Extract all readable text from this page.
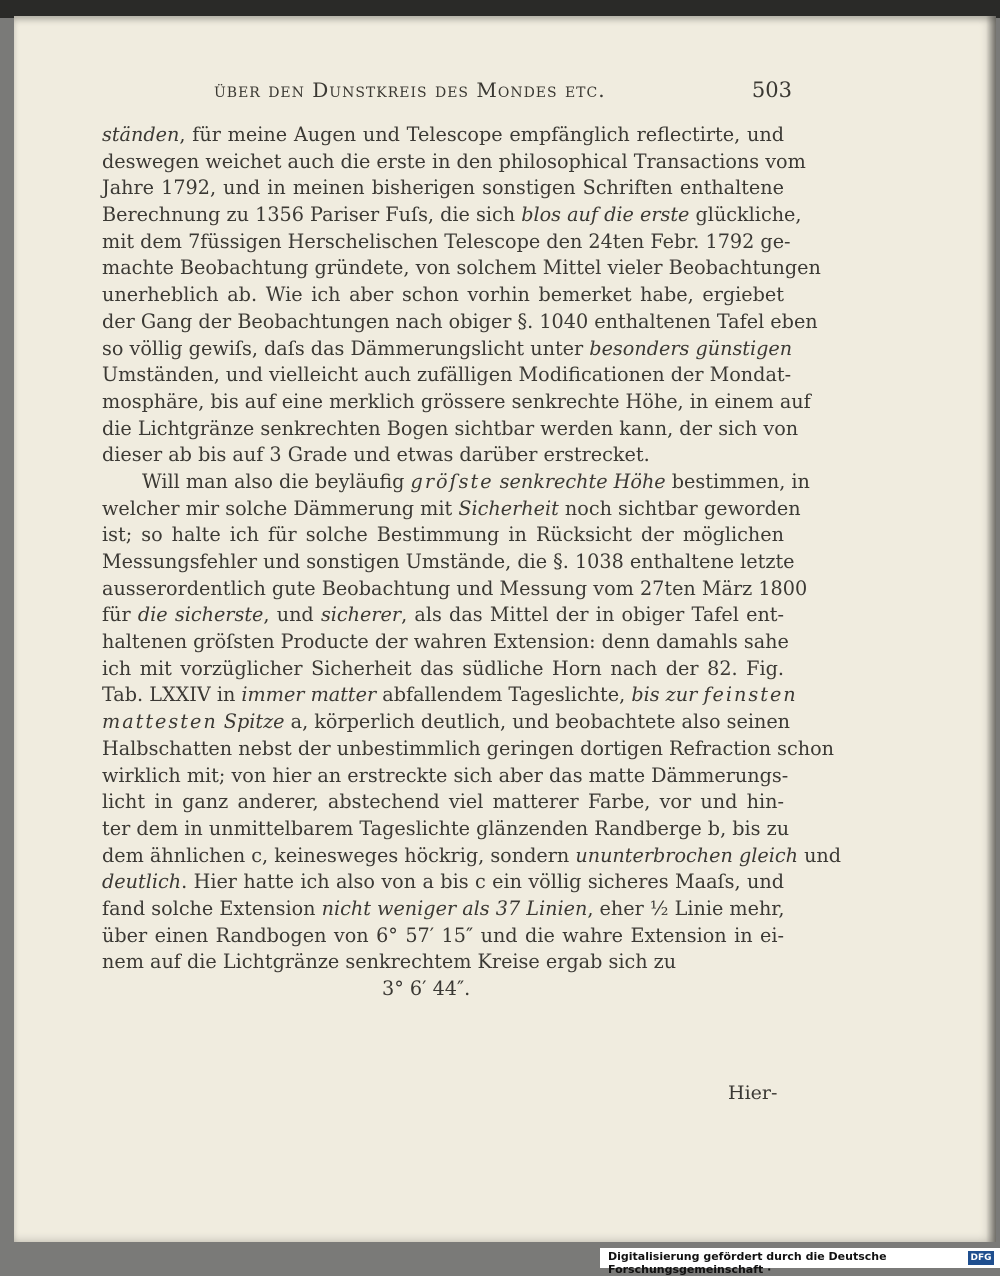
über den Dunstkreis des Mondes etc.	503
ständen, für meine Augen und Telescope empfänglich reflectirte, und
deswegen weichet auch die erste in den philosophical Transactions vom
Jahre 1792, und in meinen bisherigen sonstigen Schriften enthaltene
Berechnung zu 1356 Pariser Fuſs, die sich blos auf die erste glückliche,
mit dem 7füssigen Herschelischen Telescope den 24ten Febr. 1792 ge-
machte Beobachtung gründete, von solchem Mittel vieler Beobachtungen
unerheblich ab. Wie ich aber schon vorhin bemerket habe, ergiebet
der Gang der Beobachtungen nach obiger §. 1040 enthaltenen Tafel eben
so völlig gewiſs, daſs das Dämmerungslicht unter besonders günstigen
Umständen, und vielleicht auch zufälligen Modificationen der Mondat-
mosphäre, bis auf eine merklich grössere senkrechte Höhe, in einem auf
die Lichtgränze senkrechten Bogen sichtbar werden kann, der sich von
dieser ab bis auf 3 Grade und etwas darüber erstrecket.
Will man also die beyläufig gröſste senkrechte Höhe bestimmen, in
welcher mir solche Dämmerung mit Sicherheit noch sichtbar geworden
ist; so halte ich für solche Bestimmung in Rücksicht der möglichen
Messungsfehler und sonstigen Umstände, die §. 1038 enthaltene letzte
ausserordentlich gute Beobachtung und Messung vom 27ten März 1800
für die sicherste, und sicherer, als das Mittel der in obiger Tafel ent-
haltenen gröſsten Producte der wahren Extension: denn damahls sahe
ich mit vorzüglicher Sicherheit das südliche Horn nach der 82. Fig.
Tab. LXXIV in immer matter abfallendem Tageslichte, bis zur feinsten
mattesten Spitze a, körperlich deutlich, und beobachtete also seinen
Halbschatten nebst der unbestimmlich geringen dortigen Refraction schon
wirklich mit; von hier an erstreckte sich aber das matte Dämmerungs-
licht in ganz anderer, abstechend viel matterer Farbe, vor und hin-
ter dem in unmittelbarem Tageslichte glänzenden Randberge b, bis zu
dem ähnlichen c, keinesweges höckrig, sondern ununterbrochen gleich und
deutlich. Hier hatte ich also von a bis c ein völlig sicheres Maaſs, und
fand solche Extension nicht weniger als 37 Linien, eher ½ Linie mehr,
über einen Randbogen von 6° 57′ 15″ und die wahre Extension in ei-
nem auf die Lichtgränze senkrechtem Kreise ergab sich zu
3° 6′ 44″.
Hier-
Digitalisierung gefördert durch die Deutsche Forschungsgemeinschaft ·
DFG
